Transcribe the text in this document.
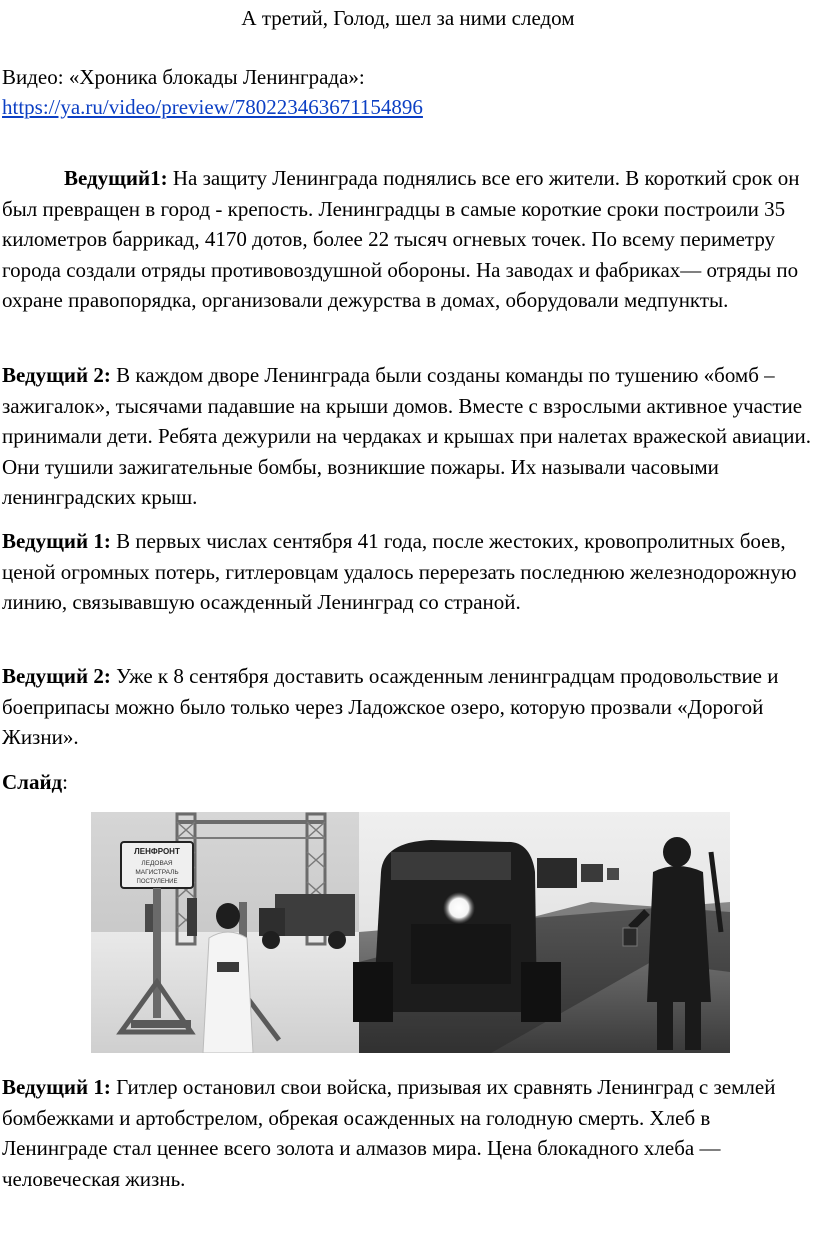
А третий, Голод, шел за ними следом
Видео: «Хроника блокады Ленинграда»:
https://ya.ru/video/preview/780223463671154896

Ведущий1: На защиту Ленинграда поднялись все его жители. В короткий срок он был превращен в город - крепость. Ленинградцы в самые короткие сроки построили 35 километров баррикад, 4170 дотов, более 22 тысяч огневых точек. По всему периметру города создали отряды противовоздушной обороны. На заводах и фабриках— отряды по охране правопорядка, организовали дежурства в домах, оборудовали медпункты.

Ведущий 2: В каждом дворе Ленинграда были созданы команды по тушению «бомб – зажигалок», тысячами падавшие на крыши домов. Вместе с взрослыми активное участие принимали дети. Ребята дежурили на чердаках и крышах при налетах вражеской авиации. Они тушили зажигательные бомбы, возникшие пожары. Их называли часовыми ленинградских крыш.

Ведущий 1: В первых числах сентября 41 года, после жестоких, кровопролитных боев, ценой огромных потерь, гитлеровцам удалось перерезать последнюю железнодорожную линию, связывавшую осажденный Ленинград со страной.

Ведущий 2: Уже к 8 сентября доставить осажденным ленинградцам продовольствие и боеприпасы можно было только через Ладожское озеро, которую прозвали «Дорогой Жизни».

Слайд:
ЛЕНФРОНТ
ЛЕДОВАЯ
МАГИСТРАЛЬ
ПОСТУЛЕНИЕ

Ведущий 1: Гитлер остановил свои войска, призывая их сравнять Ленинград с землей бомбежками и артобстрелом, обрекая осажденных на голодную смерть. Хлеб в Ленинграде стал ценнее всего золота и алмазов мира. Цена блокадного хлеба — человеческая жизнь.
